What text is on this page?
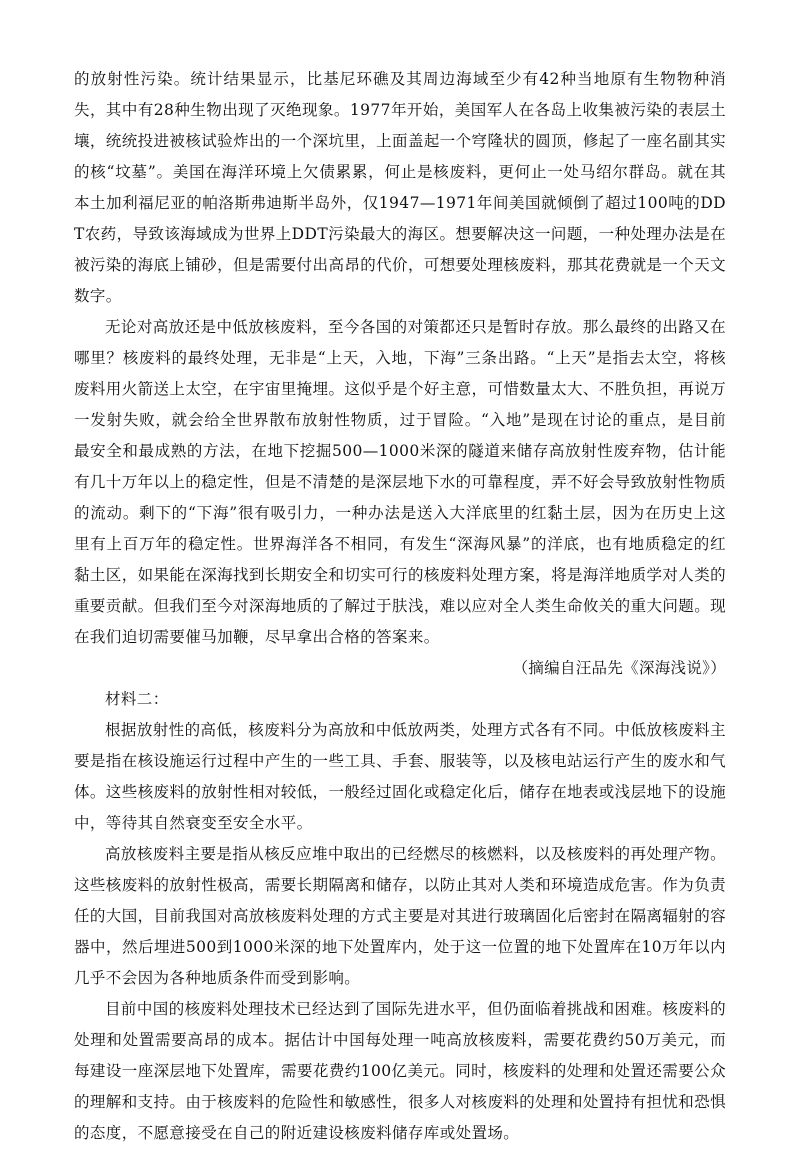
的放射性污染。统计结果显示，比基尼环礁及其周边海域至少有42种当地原有生物物种消失，其中有28种生物出现了灭绝现象。1977年开始，美国军人在各岛上收集被污染的表层土壤，统统投进被核试验炸出的一个深坑里，上面盖起一个穹隆状的圆顶，修起了一座名副其实的核“坟墓”。美国在海洋环境上欠债累累，何止是核废料，更何止一处马绍尔群岛。就在其本土加利福尼亚的帕洛斯弗迪斯半岛外，仅1947—1971年间美国就倾倒了超过100吨的DDT农药，导致该海域成为世界上DDT污染最大的海区。想要解决这一问题，一种处理办法是在被污染的海底上铺砂，但是需要付出高昂的代价，可想要处理核废料，那其花费就是一个天文数字。

无论对高放还是中低放核废料，至今各国的对策都还只是暂时存放。那么最终的出路又在哪里？核废料的最终处理，无非是“上天，入地，下海”三条出路。“上天”是指去太空，将核废料用火箭送上太空，在宇宙里掩埋。这似乎是个好主意，可惜数量太大、不胜负担，再说万一发射失败，就会给全世界散布放射性物质，过于冒险。“入地”是现在讨论的重点，是目前最安全和最成熟的方法，在地下挖掘500—1000米深的隧道来储存高放射性废弃物，估计能有几十万年以上的稳定性，但是不清楚的是深层地下水的可靠程度，弄不好会导致放射性物质的流动。剩下的“下海”很有吸引力，一种办法是送入大洋底里的红黏土层，因为在历史上这里有上百万年的稳定性。世界海洋各不相同，有发生“深海风暴”的洋底，也有地质稳定的红黏土区，如果能在深海找到长期安全和切实可行的核废料处理方案，将是海洋地质学对人类的重要贡献。但我们至今对深海地质的了解过于肤浅，难以应对全人类生命攸关的重大问题。现在我们迫切需要催马加鞭，尽早拿出合格的答案来。

（摘编自汪品先《深海浅说》）

材料二：

根据放射性的高低，核废料分为高放和中低放两类，处理方式各有不同。中低放核废料主要是指在核设施运行过程中产生的一些工具、手套、服装等，以及核电站运行产生的废水和气体。这些核废料的放射性相对较低，一般经过固化或稳定化后，储存在地表或浅层地下的设施中，等待其自然衰变至安全水平。

高放核废料主要是指从核反应堆中取出的已经燃尽的核燃料，以及核废料的再处理产物。这些核废料的放射性极高，需要长期隔离和储存，以防止其对人类和环境造成危害。作为负责任的大国，目前我国对高放核废料处理的方式主要是对其进行玻璃固化后密封在隔离辐射的容器中，然后埋进500到1000米深的地下处置库内，处于这一位置的地下处置库在10万年以内几乎不会因为各种地质条件而受到影响。

目前中国的核废料处理技术已经达到了国际先进水平，但仍面临着挑战和困难。核废料的处理和处置需要高昂的成本。据估计中国每处理一吨高放核废料，需要花费约50万美元，而每建设一座深层地下处置库，需要花费约100亿美元。同时，核废料的处理和处置还需要公众的理解和支持。由于核废料的危险性和敏感性，很多人对核废料的处理和处置持有担忧和恐惧的态度，不愿意接受在自己的附近建设核废料储存库或处置场。
